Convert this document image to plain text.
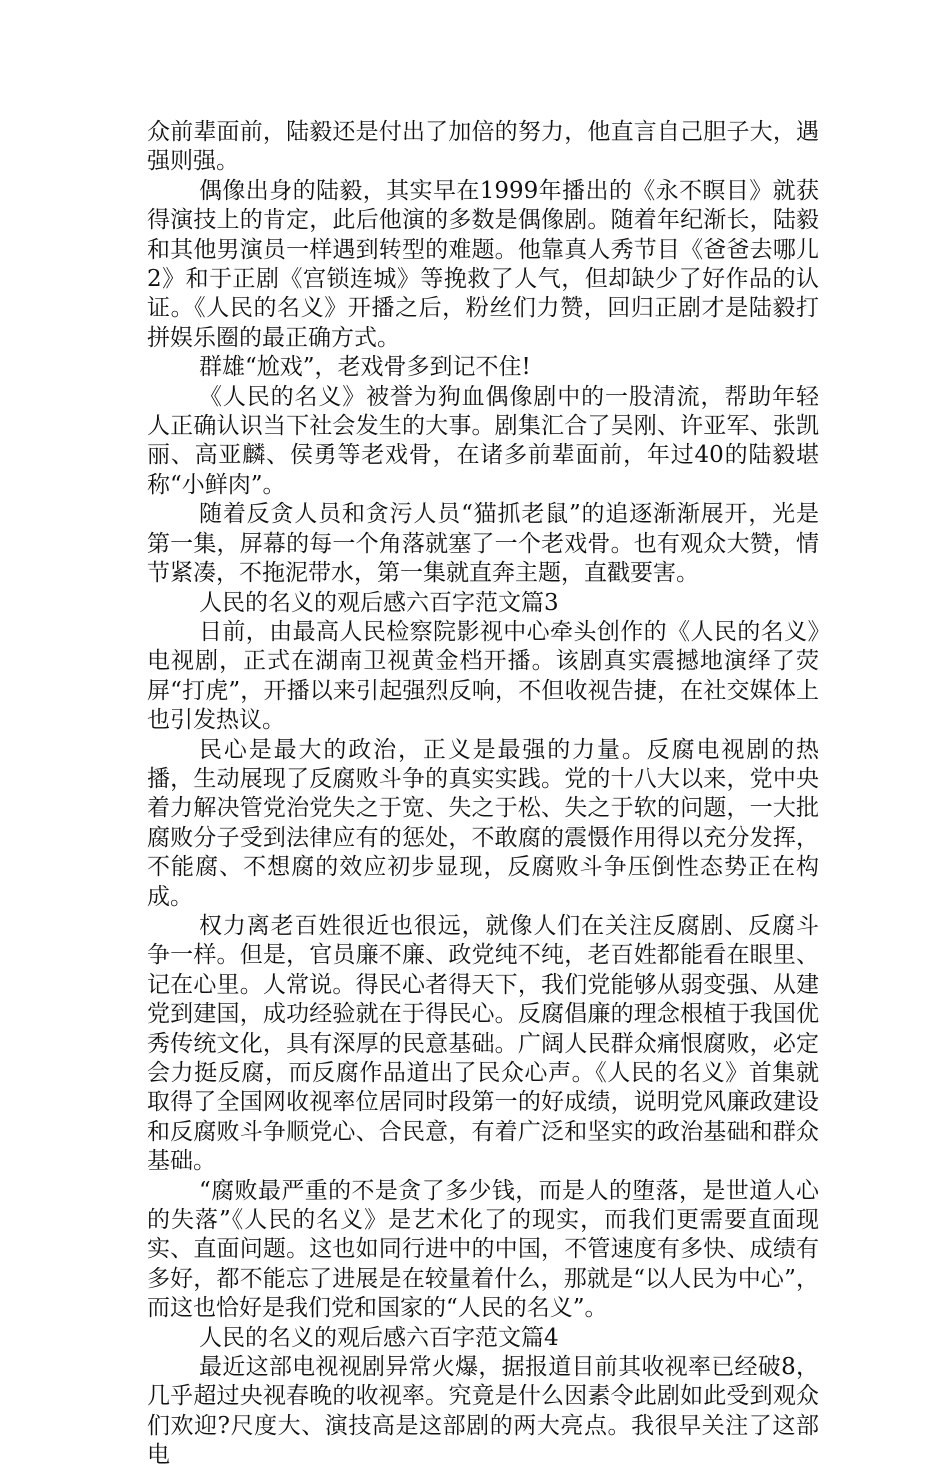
众前辈面前，陆毅还是付出了加倍的努力，他直言自己胆子大，遇强则强。

偶像出身的陆毅，其实早在1999年播出的《永不瞑目》就获得演技上的肯定，此后他演的多数是偶像剧。随着年纪渐长，陆毅和其他男演员一样遇到转型的难题。他靠真人秀节目《爸爸去哪儿2》和于正剧《宫锁连城》等挽救了人气，但却缺少了好作品的认证。《人民的名义》开播之后，粉丝们力赞，回归正剧才是陆毅打拼娱乐圈的最正确方式。

群雄“尬戏”，老戏骨多到记不住!

《人民的名义》被誉为狗血偶像剧中的一股清流，帮助年轻人正确认识当下社会发生的大事。剧集汇合了吴刚、许亚军、张凯丽、高亚麟、侯勇等老戏骨，在诸多前辈面前，年过40的陆毅堪称“小鲜肉”。

随着反贪人员和贪污人员“猫抓老鼠”的追逐渐渐展开，光是第一集，屏幕的每一个角落就塞了一个老戏骨。也有观众大赞，情节紧凑，不拖泥带水，第一集就直奔主题，直戳要害。

人民的名义的观后感六百字范文篇3

日前，由最高人民检察院影视中心牵头创作的《人民的名义》电视剧，正式在湖南卫视黄金档开播。该剧真实震撼地演绎了荧屏“打虎”，开播以来引起强烈反响，不但收视告捷，在社交媒体上也引发热议。

民心是最大的政治，正义是最强的力量。反腐电视剧的热播，生动展现了反腐败斗争的真实实践。党的十八大以来，党中央着力解决管党治党失之于宽、失之于松、失之于软的问题，一大批腐败分子受到法律应有的惩处，不敢腐的震慑作用得以充分发挥，不能腐、不想腐的效应初步显现，反腐败斗争压倒性态势正在构成。

权力离老百姓很近也很远，就像人们在关注反腐剧、反腐斗争一样。但是，官员廉不廉、政党纯不纯，老百姓都能看在眼里、记在心里。人常说。得民心者得天下，我们党能够从弱变强、从建党到建国，成功经验就在于得民心。反腐倡廉的理念根植于我国优秀传统文化，具有深厚的民意基础。广阔人民群众痛恨腐败，必定会力挺反腐，而反腐作品道出了民众心声。《人民的名义》首集就取得了全国网收视率位居同时段第一的好成绩，说明党风廉政建设和反腐败斗争顺党心、合民意，有着广泛和坚实的政治基础和群众基础。

“腐败最严重的不是贪了多少钱，而是人的堕落，是世道人心的失落”《人民的名义》是艺术化了的现实，而我们更需要直面现实、直面问题。这也如同行进中的中国，不管速度有多快、成绩有多好，都不能忘了进展是在较量着什么，那就是“以人民为中心”，而这也恰好是我们党和国家的“人民的名义”。

人民的名义的观后感六百字范文篇4

最近这部电视视剧异常火爆，据报道目前其收视率已经破8，几乎超过央视春晚的收视率。究竟是什么因素令此剧如此受到观众们欢迎?尺度大、演技高是这部剧的两大亮点。我很早关注了这部电
